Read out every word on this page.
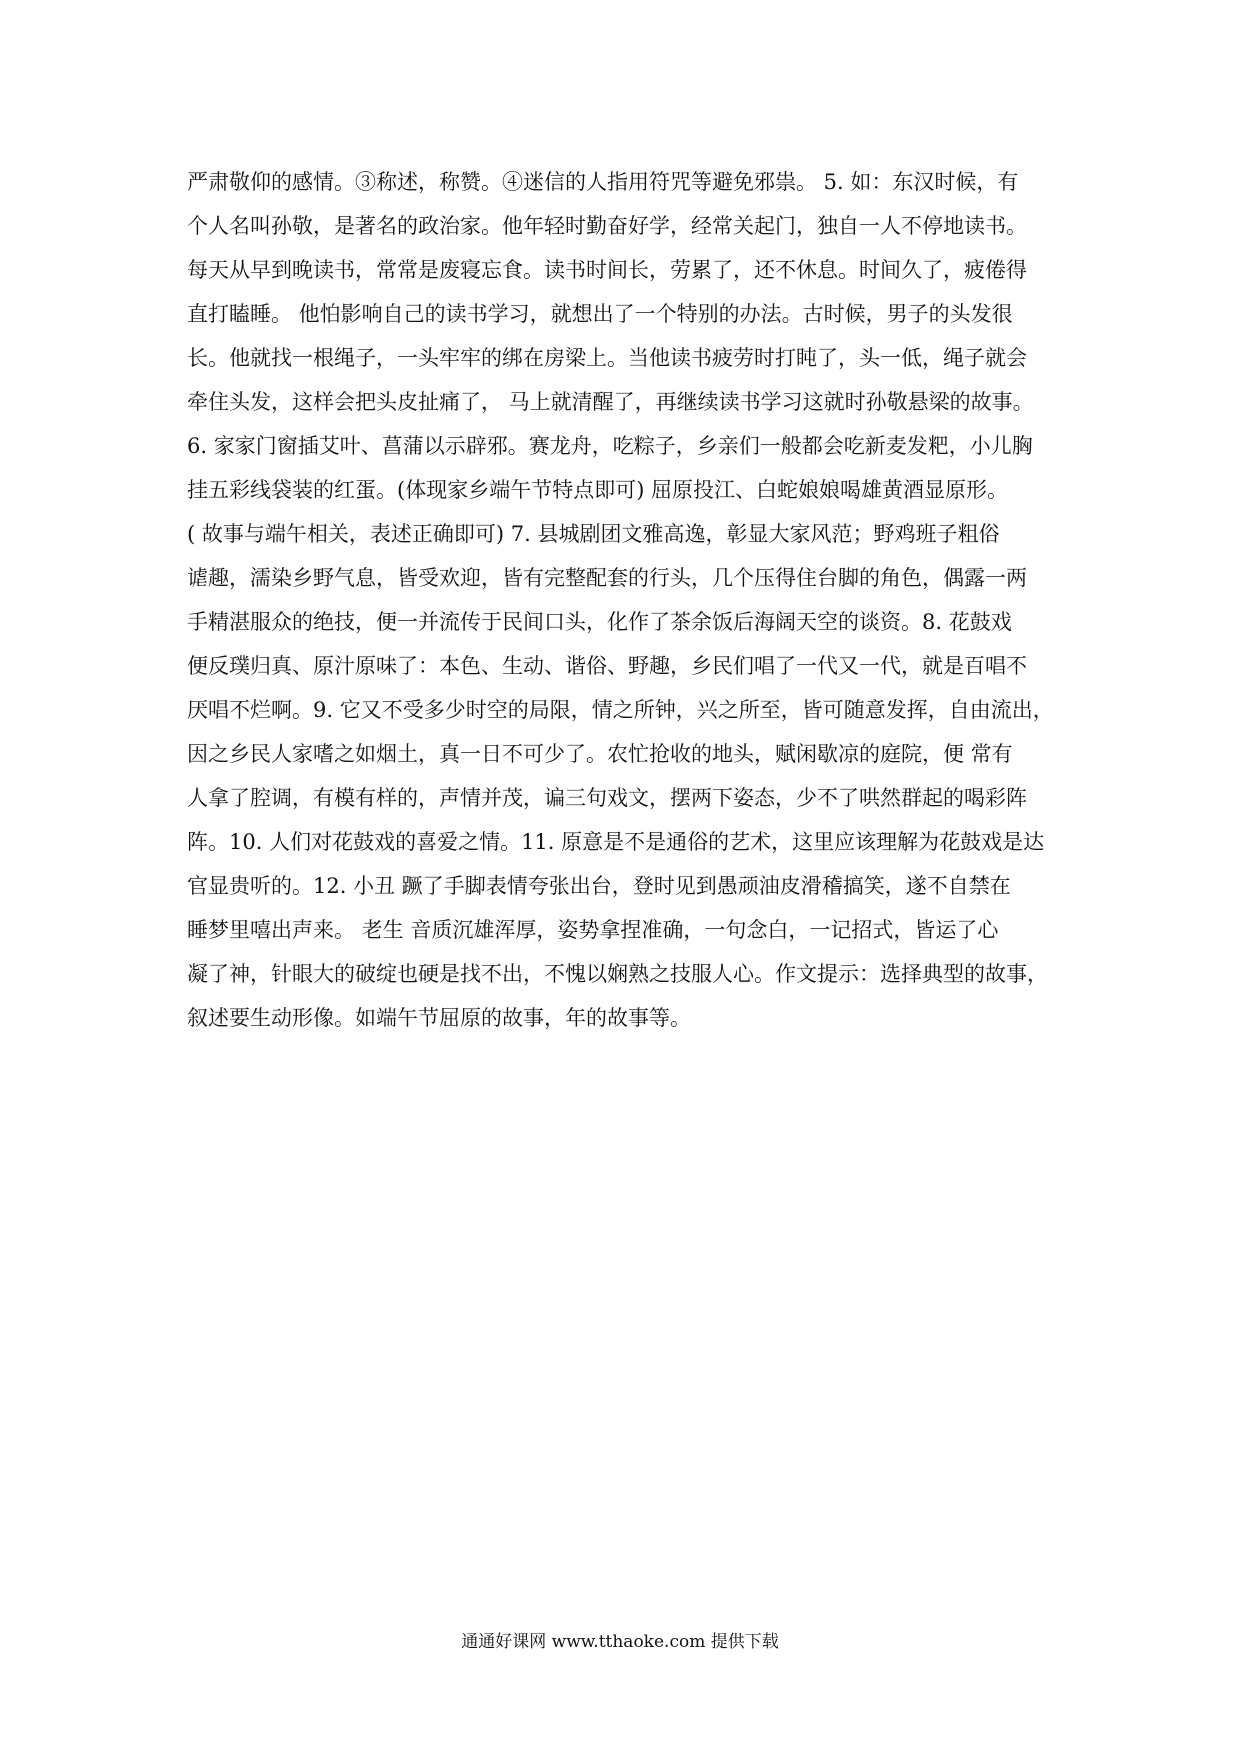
严肃敬仰的感情。③称述，称赞。④迷信的人指用符咒等避免邪祟。 5. 如：东汉时候，有
个人名叫孙敬，是著名的政治家。他年轻时勤奋好学，经常关起门，独自一人不停地读书。
每天从早到晚读书，常常是废寝忘食。读书时间长，劳累了，还不休息。时间久了，疲倦得
直打瞌睡。 他怕影响自己的读书学习，就想出了一个特别的办法。古时候，男子的头发很
长。他就找一根绳子，一头牢牢的绑在房梁上。当他读书疲劳时打盹了，头一低，绳子就会
牵住头发，这样会把头皮扯痛了， 马上就清醒了，再继续读书学习这就时孙敬悬梁的故事。
6. 家家门窗插艾叶、菖蒲以示辟邪。赛龙舟，吃粽子，乡亲们一般都会吃新麦发粑，小儿胸
挂五彩线袋装的红蛋。(体现家乡端午节特点即可) 屈原投江、白蛇娘娘喝雄黄酒显原形。
( 故事与端午相关，表述正确即可) 7. 县城剧团文雅高逸，彰显大家风范；野鸡班子粗俗
谑趣，濡染乡野气息，皆受欢迎，皆有完整配套的行头，几个压得住台脚的角色，偶露一两
手精湛服众的绝技，便一并流传于民间口头，化作了茶余饭后海阔天空的谈资。8. 花鼓戏
便反璞归真、原汁原味了：本色、生动、谐俗、野趣，乡民们唱了一代又一代，就是百唱不
厌唱不烂啊。9. 它又不受多少时空的局限，情之所钟，兴之所至，皆可随意发挥，自由流出，
因之乡民人家嗜之如烟土，真一日不可少了。农忙抢收的地头，赋闲歇凉的庭院，便 常有
人拿了腔调，有模有样的，声情并茂，谝三句戏文，摆两下姿态，少不了哄然群起的喝彩阵
阵。10. 人们对花鼓戏的喜爱之情。11. 原意是不是通俗的艺术，这里应该理解为花鼓戏是达
官显贵听的。12. 小丑 蹶了手脚表情夸张出台，登时见到愚顽油皮滑稽搞笑，遂不自禁在
睡梦里嘻出声来。 老生 音质沉雄浑厚，姿势拿捏准确，一句念白，一记招式，皆运了心
凝了神，针眼大的破绽也硬是找不出，不愧以娴熟之技服人心。作文提示：选择典型的故事，
叙述要生动形像。如端午节屈原的故事，年的故事等。
通通好课网 www.tthaoke.com 提供下载
